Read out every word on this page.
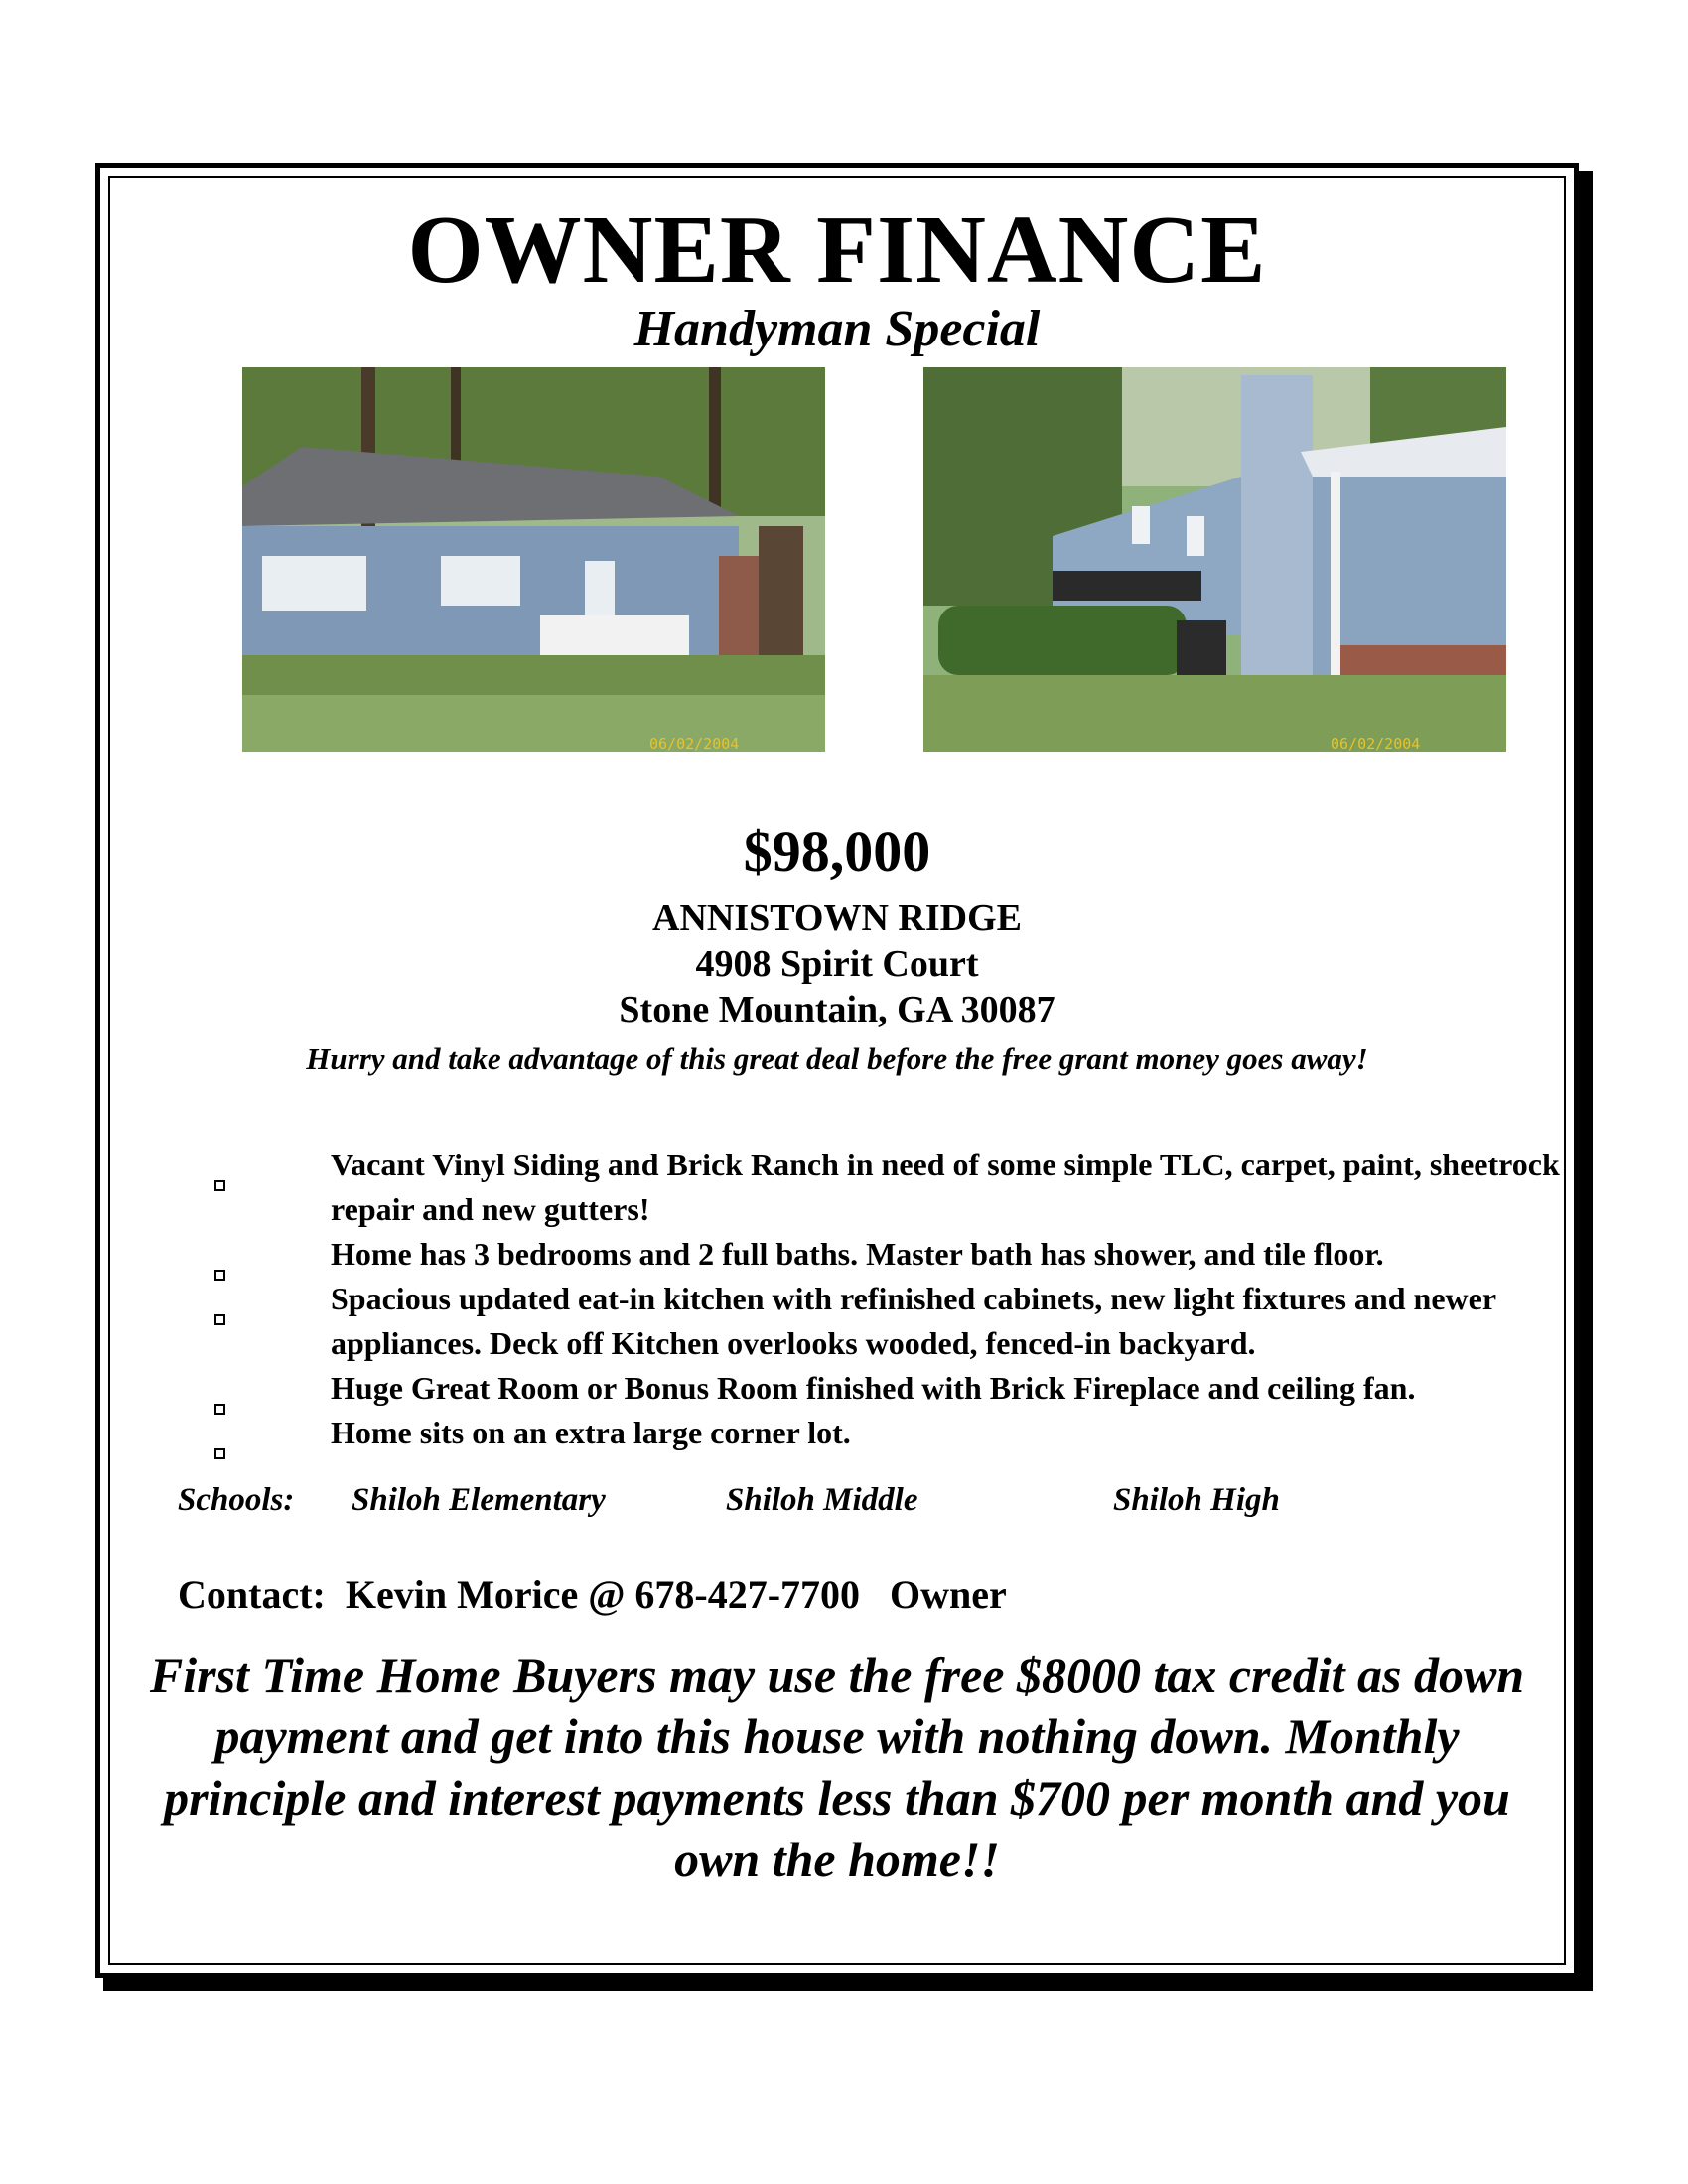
OWNER FINANCE
Handyman Special
06/02/2004	06/02/2004
$98,000
ANNISTOWN RIDGE
4908 Spirit Court
Stone Mountain, GA 30087
Hurry and take advantage of this great deal before the free grant money goes away!
Vacant Vinyl Siding and Brick Ranch in need of some simple TLC, carpet, paint, sheetrock repair and new gutters!
Home has 3 bedrooms and 2 full baths. Master bath has shower, and tile floor.
Spacious updated eat-in kitchen with refinished cabinets, new light fixtures and newer appliances. Deck off Kitchen overlooks wooded, fenced-in backyard.
Huge Great Room or Bonus Room finished with Brick Fireplace and ceiling fan.
Home sits on an extra large corner lot.
Schools: Shiloh Elementary	Shiloh Middle	Shiloh High
Contact:  Kevin Morice @ 678-427-7700   Owner
First Time Home Buyers may use the free $8000 tax credit as down payment and get into this house with nothing down. Monthly principle and interest payments less than $700 per month and you own the home!!
